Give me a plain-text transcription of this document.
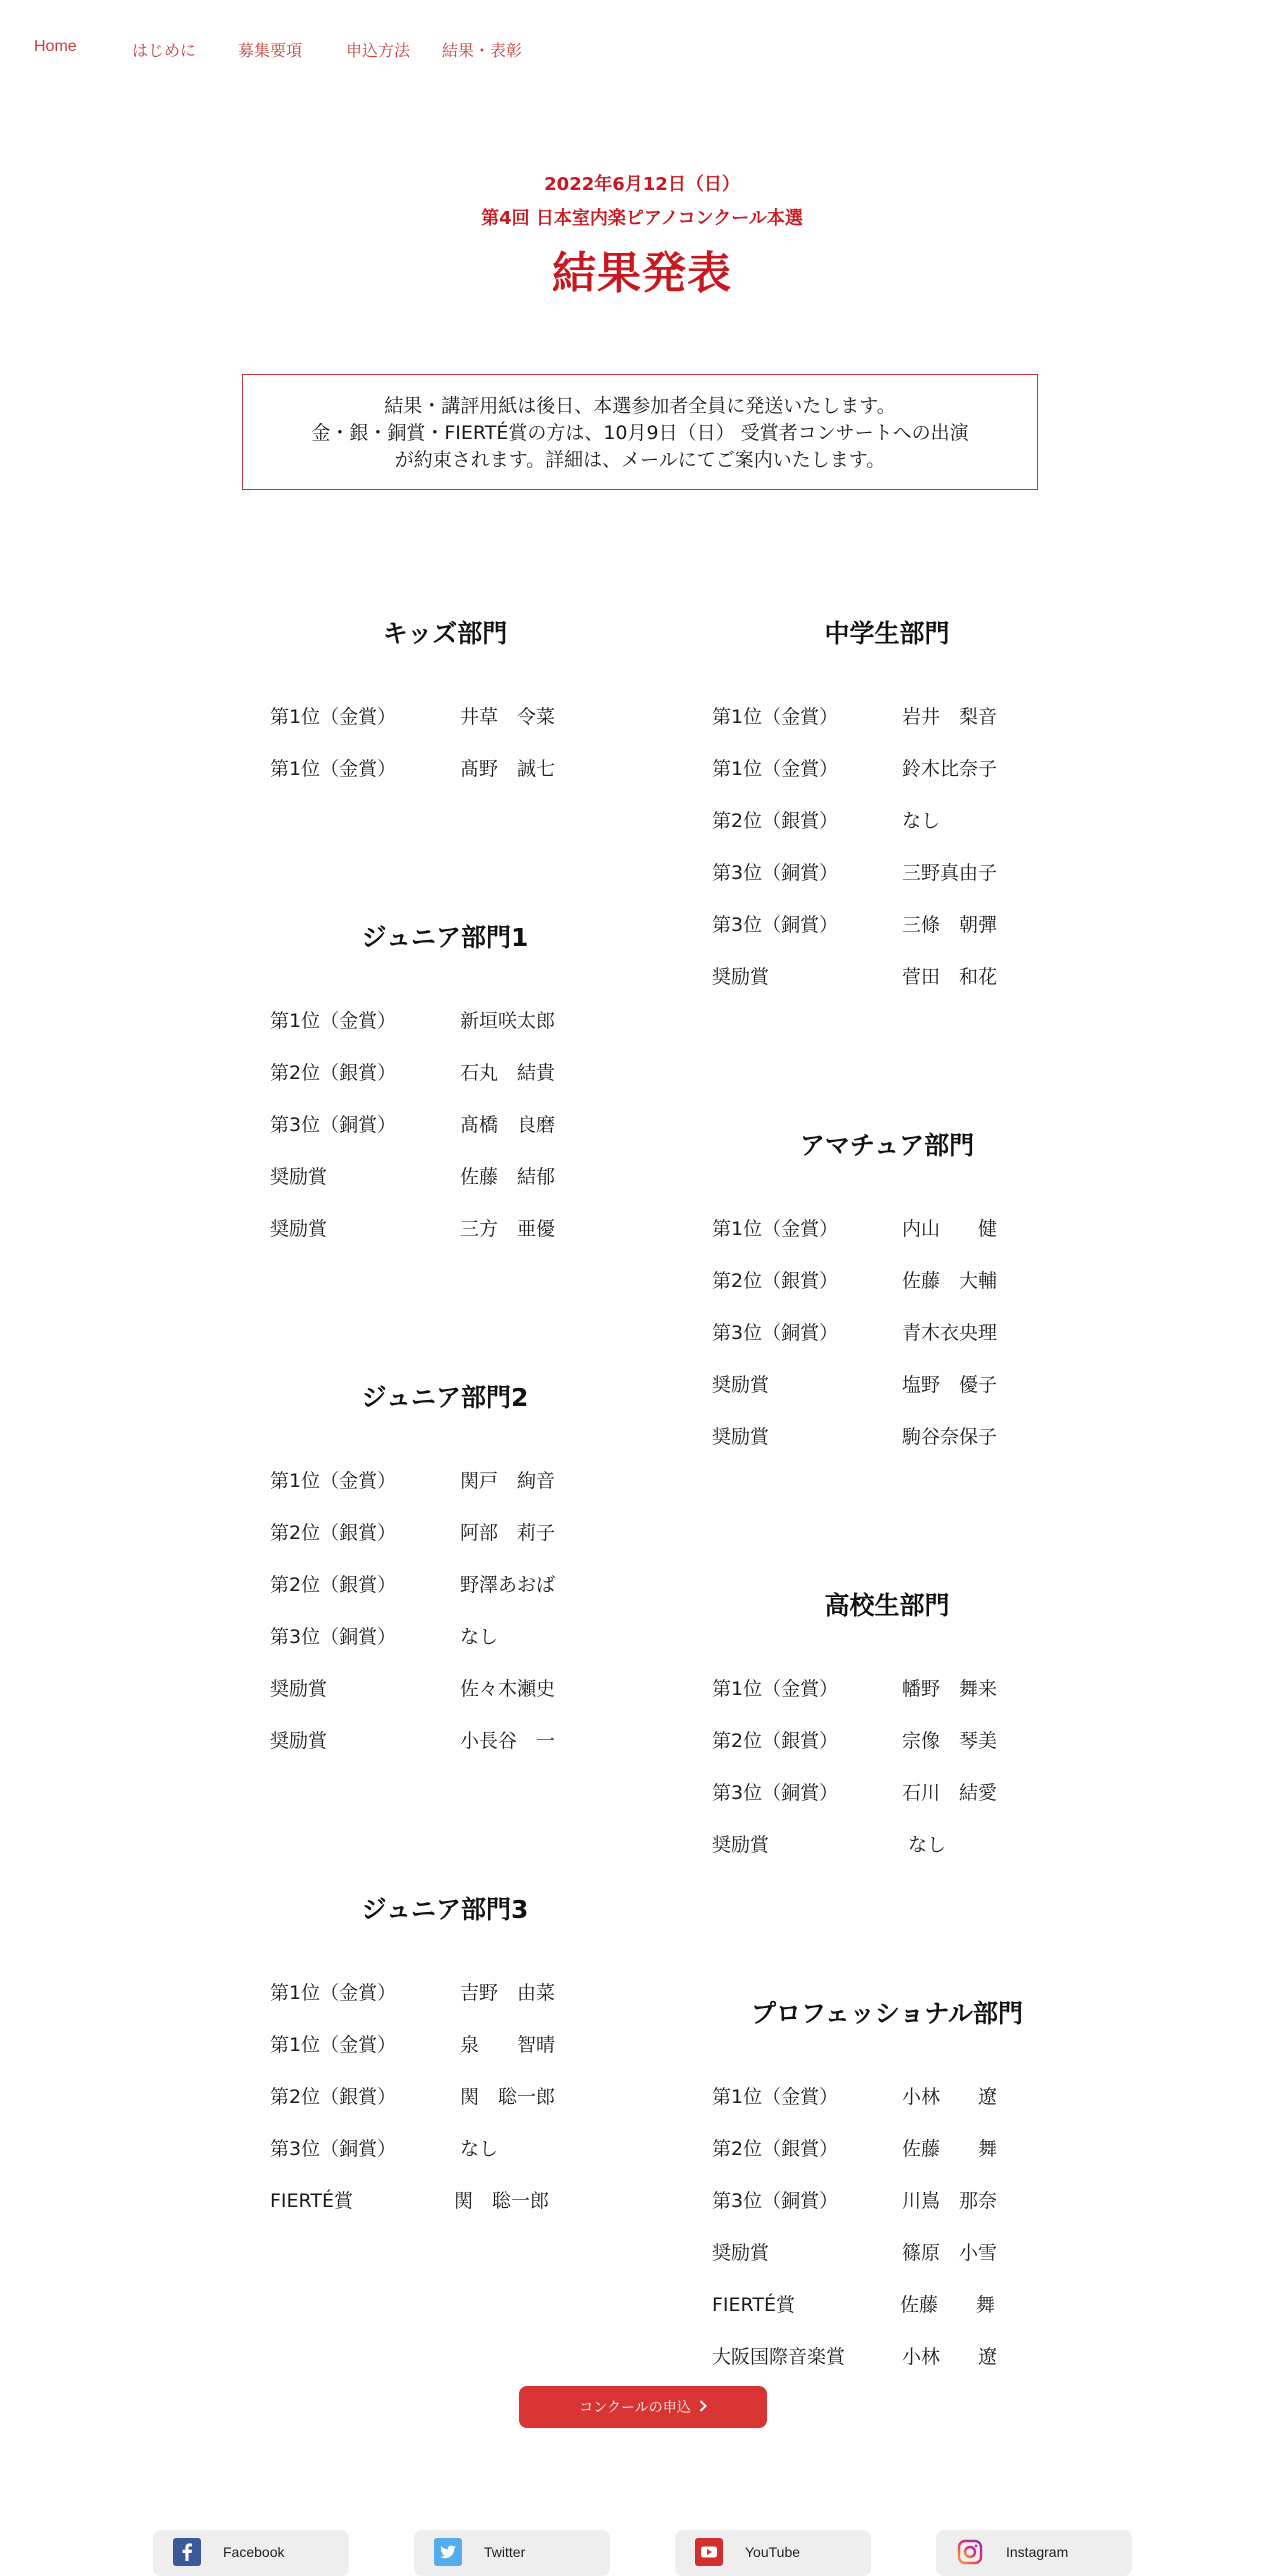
Home	はじめに	募集要項	申込方法 結果・表彰
2022年6月12日（日）
第4回 日本室内楽ピアノコンクール本選
結果発表
結果・講評用紙は後日、本選参加者全員に発送いたします。
金・銀・銅賞・FIERTÉ賞の方は、10月9日（日） 受賞者コンサートへの出演
が約束されます。詳細は、メールにてご案内いたします。
キッズ部門
第1位（金賞）	井草　令菜
第1位（金賞）	髙野　誠七
ジュニア部門1
第1位（金賞）	新垣咲太郎
第2位（銀賞）	石丸　結貴
第3位（銅賞）	髙橋　良磨
奨励賞	佐藤　結郁
奨励賞	三方　亜優
ジュニア部門2
第1位（金賞）	関戸　絢音
第2位（銀賞）	阿部　莉子
第2位（銀賞）	野澤あおば
第3位（銅賞）	なし
奨励賞	佐々木瀬史
奨励賞	小長谷　一
ジュニア部門3
第1位（金賞）	吉野　由菜
第1位（金賞）	泉　　智晴
第2位（銀賞）	関　聡一郎
第3位（銅賞）	なし
FIERTÉ賞	関　聡一郎
中学生部門
第1位（金賞）	岩井　梨音
第1位（金賞）	鈴木比奈子
第2位（銀賞）	なし
第3位（銅賞）	三野真由子
第3位（銅賞）	三條　朝彈
奨励賞	菅田　和花
アマチュア部門
第1位（金賞）	内山　　健
第2位（銀賞）	佐藤　大輔
第3位（銅賞）	青木衣央理
奨励賞	塩野　優子
奨励賞	駒谷奈保子
高校生部門
第1位（金賞）	幡野　舞来
第2位（銀賞）	宗像　琴美
第3位（銅賞）	石川　結愛
奨励賞	なし
プロフェッショナル部門
第1位（金賞）	小林　　遼
第2位（銀賞）	佐藤　　舞
第3位（銅賞）	川嶌　那奈
奨励賞	篠原　小雪
FIERTÉ賞	佐藤　　舞
大阪国際音楽賞	小林　　遼
コンクールの申込
Facebook	Twitter	YouTube	Instagram
